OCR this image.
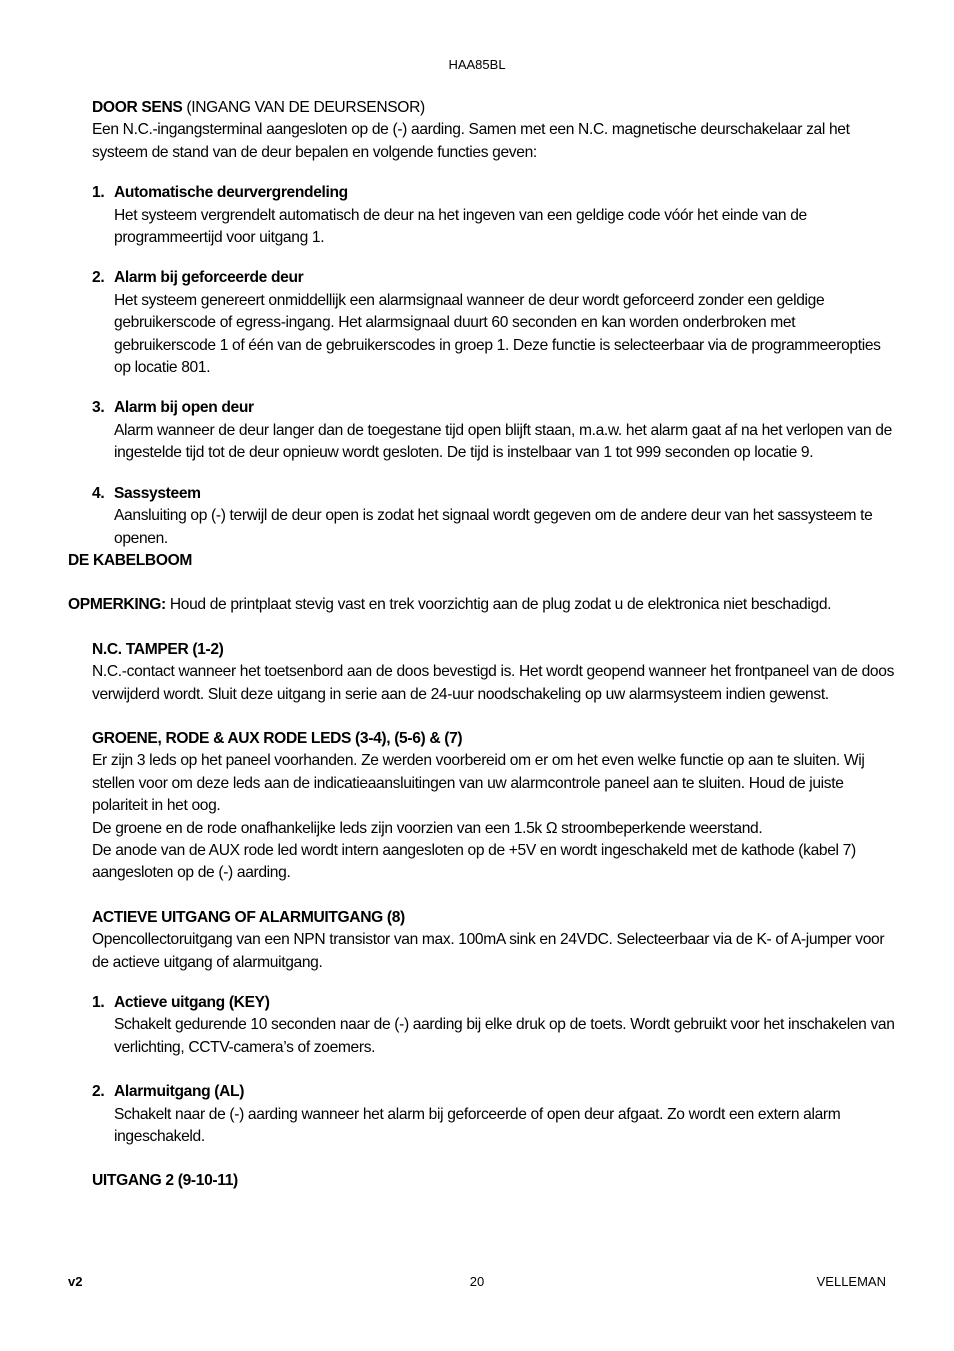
HAA85BL

DOOR SENS (INGANG VAN DE DEURSENSOR)

Een N.C.-ingangsterminal aangesloten op de (-) aarding. Samen met een N.C. magnetische deurschakelaar zal het systeem de stand van de deur bepalen en volgende functies geven:

1. Automatische deurvergrendeling

Het systeem vergrendelt automatisch de deur na het ingeven van een geldige code vóór het einde van de programmeertijd voor uitgang 1.

2. Alarm bij geforceerde deur

Het systeem genereert onmiddellijk een alarmsignaal wanneer de deur wordt geforceerd zonder een geldige gebruikerscode of egress-ingang. Het alarmsignaal duurt 60 seconden en kan worden onderbroken met gebruikerscode 1 of één van de gebruikerscodes in groep 1. Deze functie is selecteerbaar via de programmeeropties op locatie 801.

3. Alarm bij open deur

Alarm wanneer de deur langer dan de toegestane tijd open blijft staan, m.a.w. het alarm gaat af na het verlopen van de ingestelde tijd tot de deur opnieuw wordt gesloten. De tijd is instelbaar van 1 tot 999 seconden op locatie 9.

4. Sassysteem

Aansluiting op (-) terwijl de deur open is zodat het signaal wordt gegeven om de andere deur van het sassysteem te openen.

DE KABELBOOM

OPMERKING: Houd de printplaat stevig vast en trek voorzichtig aan de plug zodat u de elektronica niet beschadigd.

N.C. TAMPER (1-2)

N.C.-contact wanneer het toetsenbord aan de doos bevestigd is. Het wordt geopend wanneer het frontpaneel van de doos verwijderd wordt. Sluit deze uitgang in serie aan de 24-uur noodschakeling op uw alarmsysteem indien gewenst.

GROENE, RODE & AUX RODE LEDS (3-4), (5-6) & (7)

Er zijn 3 leds op het paneel voorhanden. Ze werden voorbereid om er om het even welke functie op aan te sluiten. Wij stellen voor om deze leds aan de indicatieaansluitingen van uw alarmcontrole paneel aan te sluiten. Houd de juiste polariteit in het oog.

De groene en de rode onafhankelijke leds zijn voorzien van een 1.5k Ω stroombeperkende weerstand.

De anode van de AUX rode led wordt intern aangesloten op de +5V en wordt ingeschakeld met de kathode (kabel 7) aangesloten op de (-) aarding.

ACTIEVE UITGANG OF ALARMUITGANG (8)

Opencollectoruitgang van een NPN transistor van max. 100mA sink en 24VDC. Selecteerbaar via de K- of A-jumper voor de actieve uitgang of alarmuitgang.

1. Actieve uitgang (KEY)

Schakelt gedurende 10 seconden naar de (-) aarding bij elke druk op de toets. Wordt gebruikt voor het inschakelen van verlichting, CCTV-camera’s of zoemers.

2. Alarmuitgang (AL)

Schakelt naar de (-) aarding wanneer het alarm bij geforceerde of open deur afgaat. Zo wordt een extern alarm ingeschakeld.

UITGANG 2 (9-10-11)

v2	20	VELLEMAN
